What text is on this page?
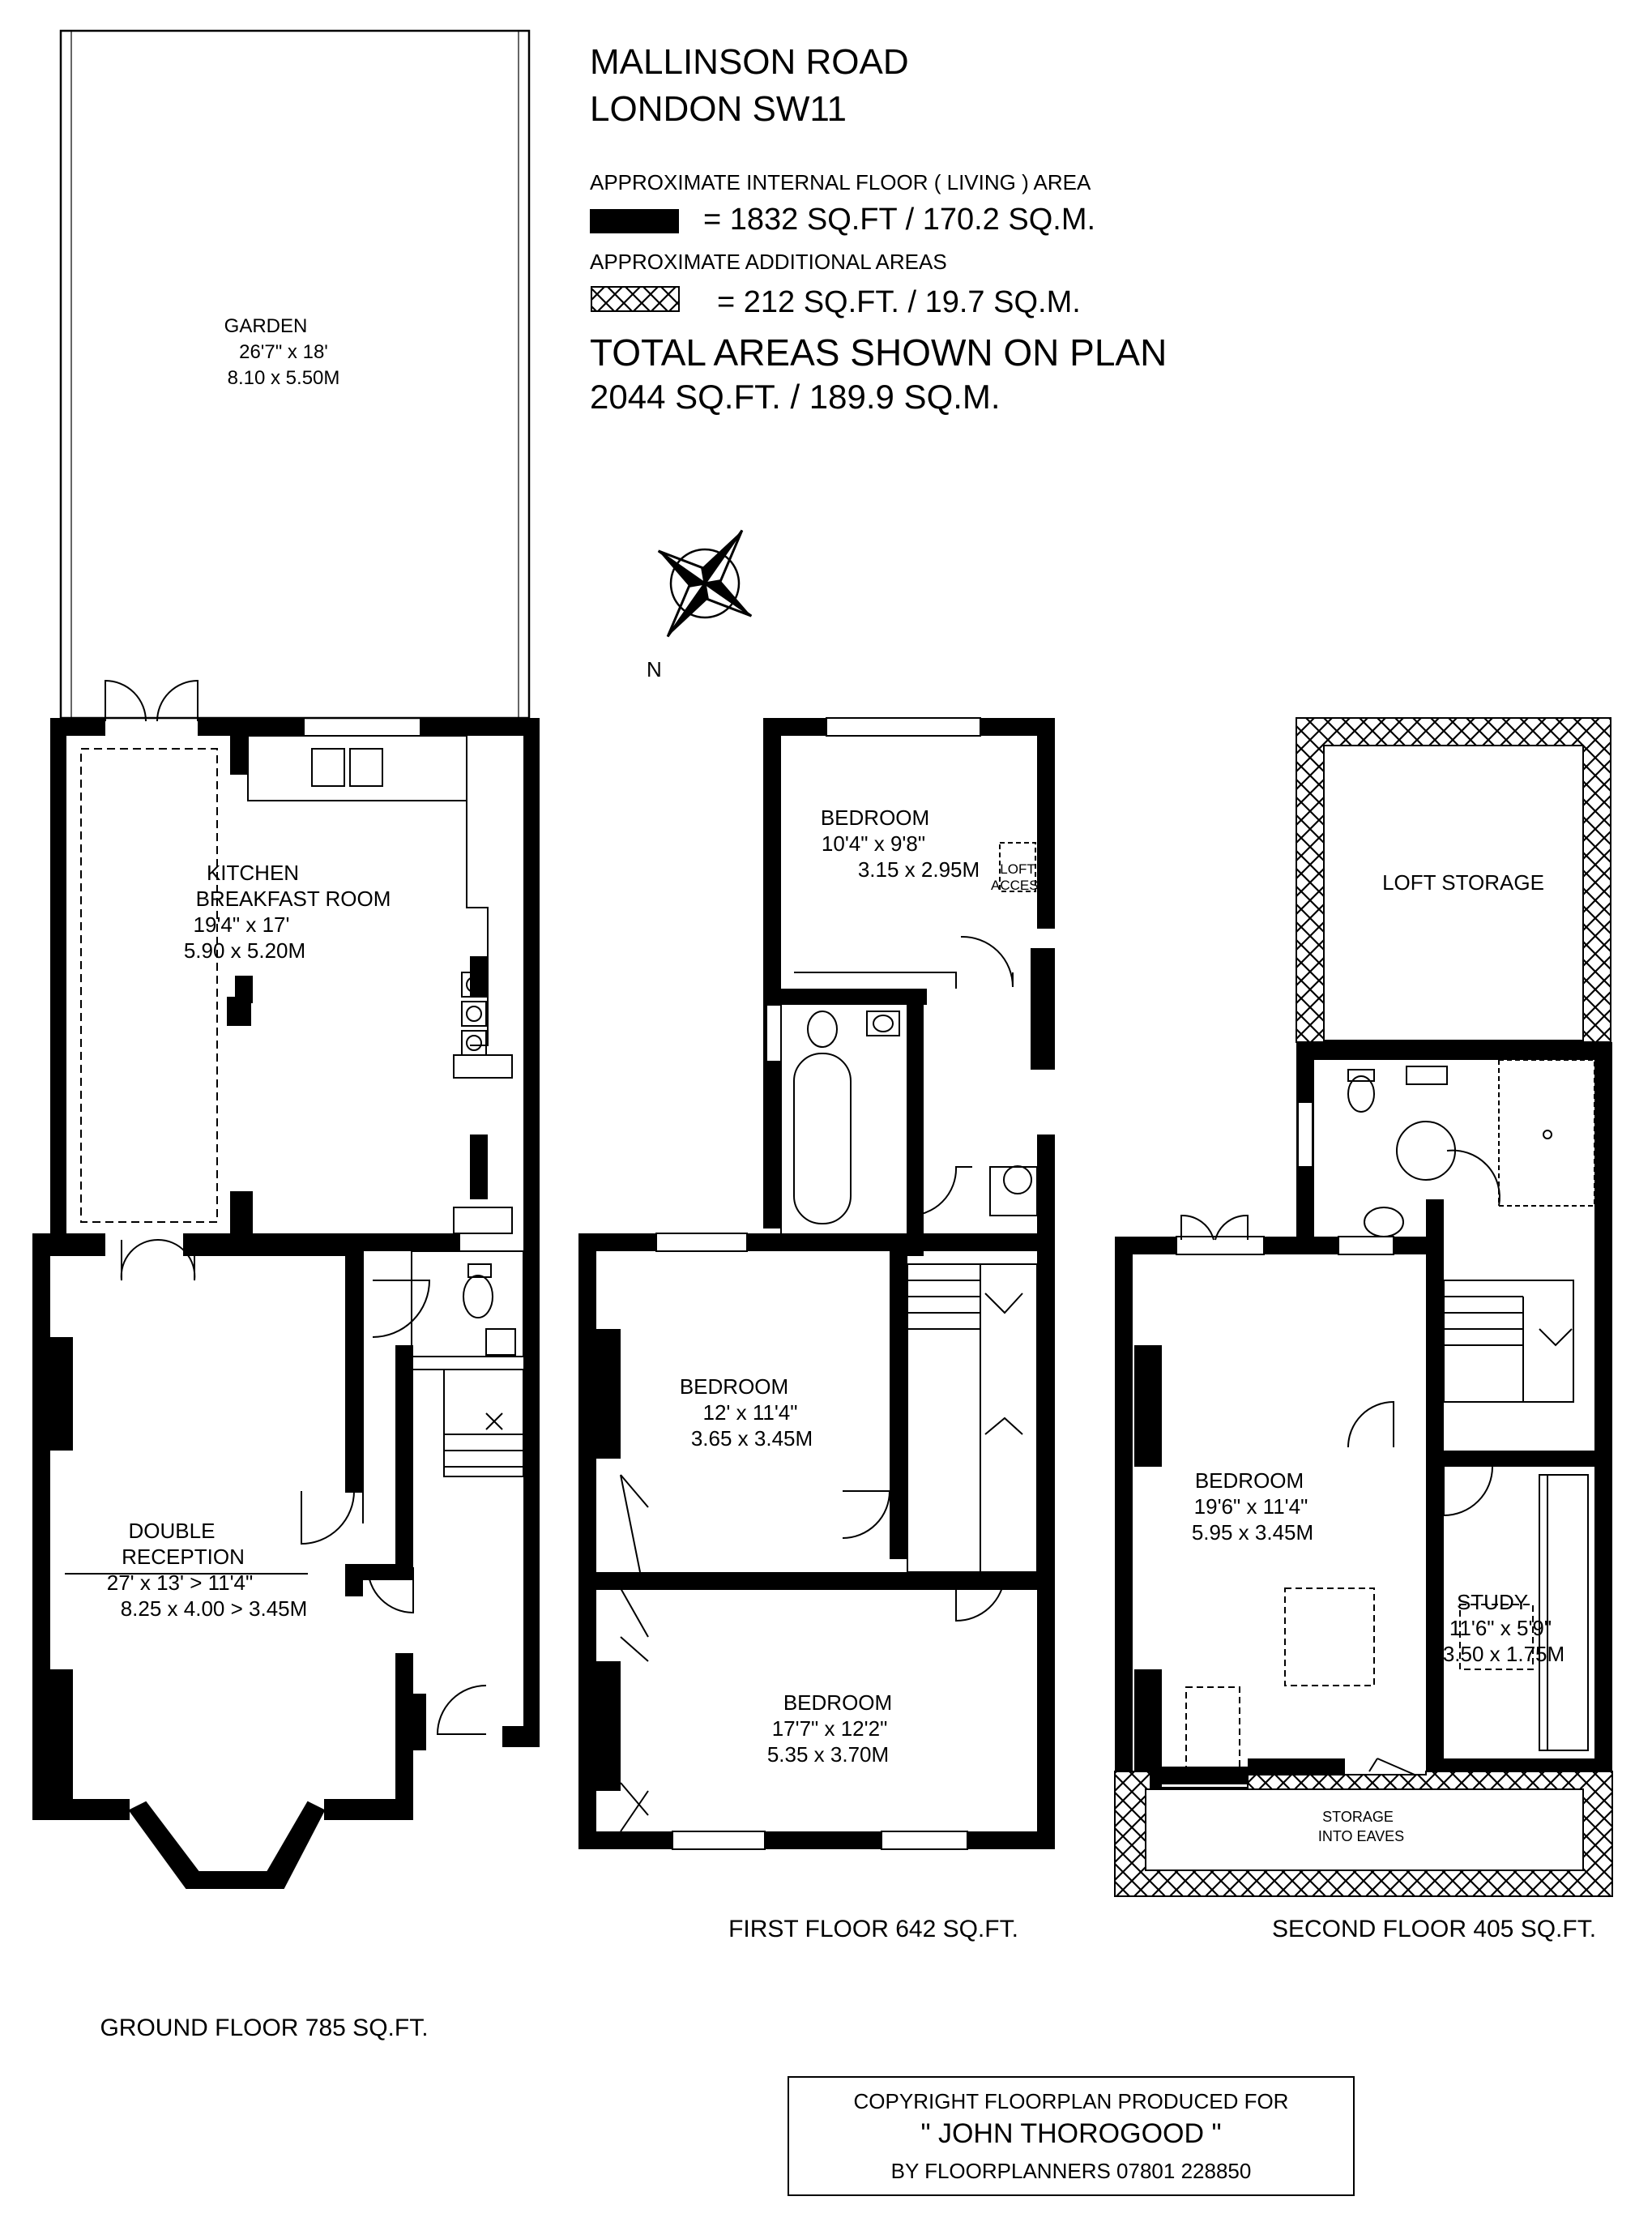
MALLINSON ROAD
LONDON SW11
APPROXIMATE INTERNAL FLOOR ( LIVING ) AREA
= 1832 SQ.FT / 170.2 SQ.M.
APPROXIMATE ADDITIONAL AREAS
= 212 SQ.FT. / 19.7 SQ.M.
TOTAL AREAS SHOWN ON PLAN
2044 SQ.FT. / 189.9 SQ.M.
N
GARDEN
26'7" x 18'
8.10 x 5.50M
KITCHEN
BREAKFAST ROOM
19'4" x 17'
5.90 x 5.20M
DOUBLE
RECEPTION
27' x 13' > 11'4"
8.25 x 4.00 > 3.45M
GROUND FLOOR 785 SQ.FT.
BEDROOM
10'4" x 9'8"
3.15 x 2.95M LOFT
ACCESS
BEDROOM
12' x 11'4"
3.65 x 3.45M
BEDROOM
17'7" x 12'2"
5.35 x 3.70M
FIRST FLOOR 642 SQ.FT.
LOFT STORAGE
BEDROOM
19'6" x 11'4"
5.95 x 3.45M
STUDY
11'6" x 5'9"
3.50 x 1.75M
STORAGE
INTO EAVES
SECOND FLOOR 405 SQ.FT.
COPYRIGHT FLOORPLAN PRODUCED FOR
" JOHN THOROGOOD "
BY FLOORPLANNERS 07801 228850
